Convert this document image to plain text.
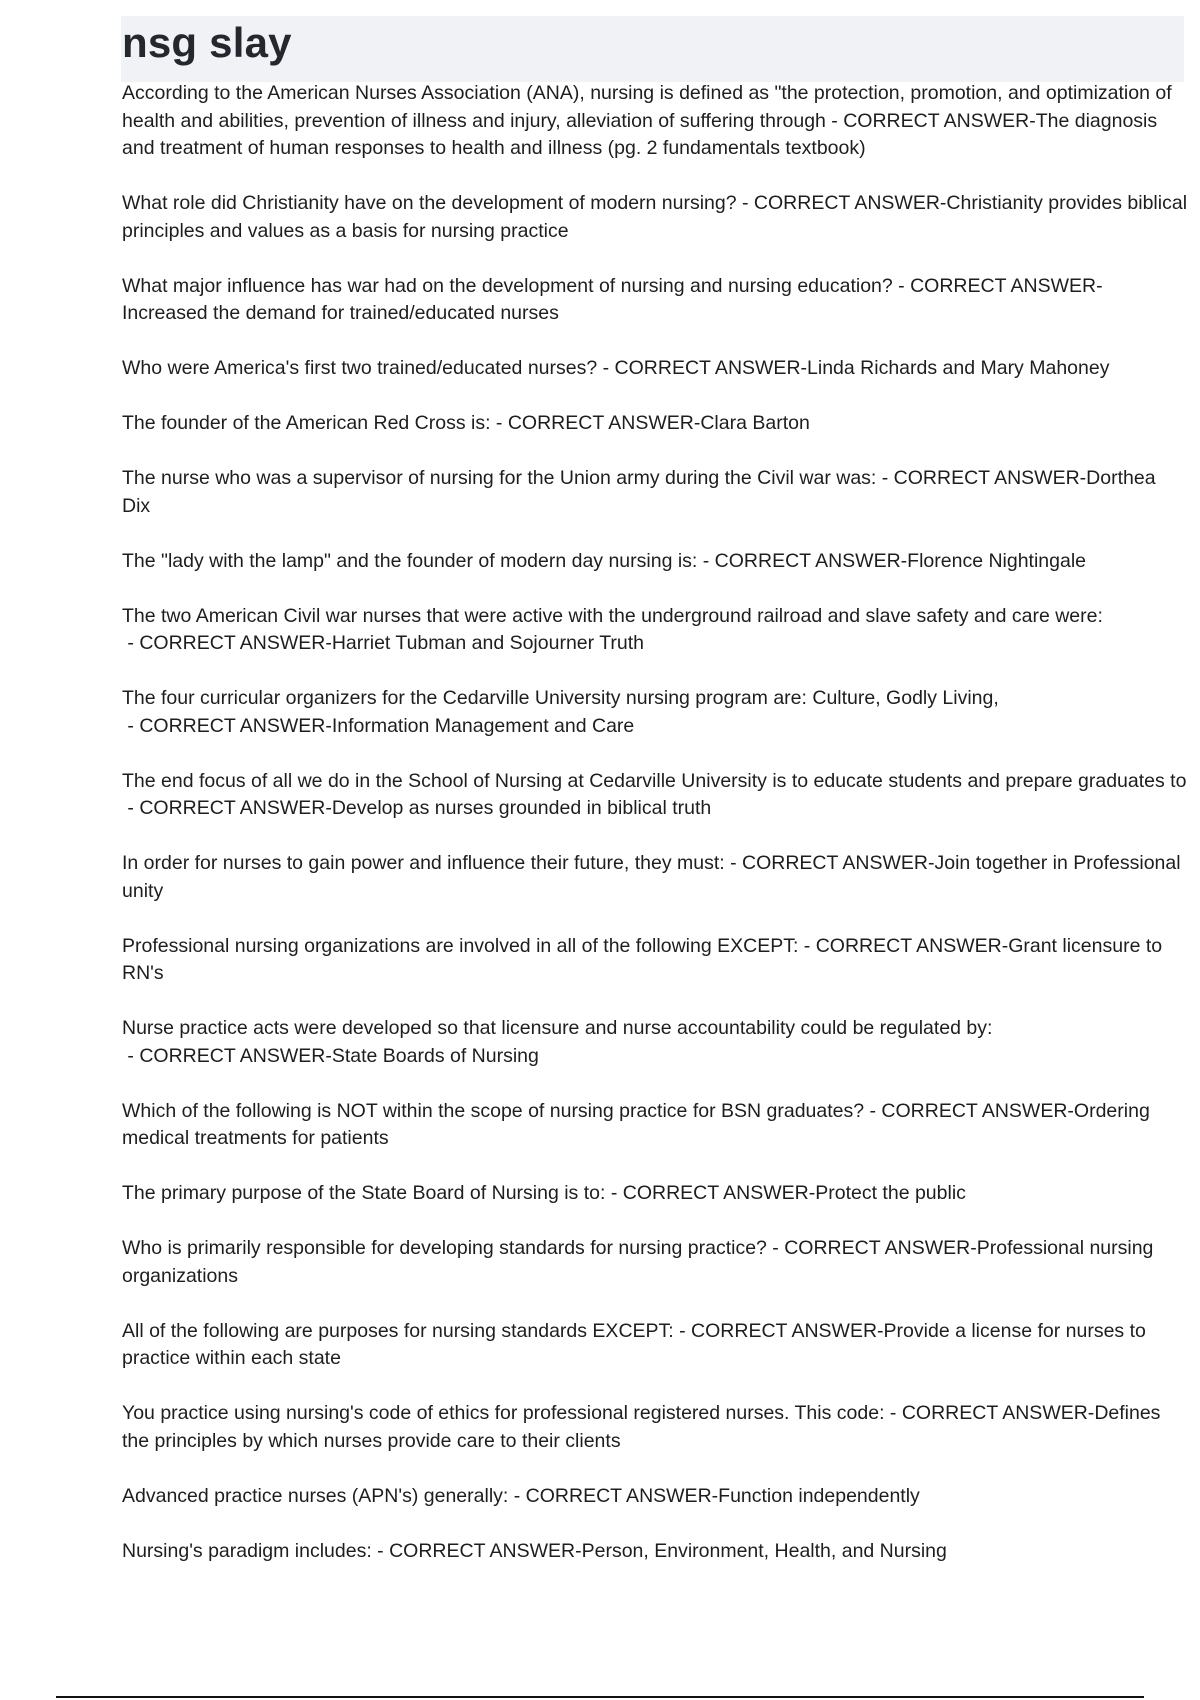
nsg slay
According to the American Nurses Association (ANA), nursing is defined as "the protection, promotion, and optimization of health and abilities, prevention of illness and injury, alleviation of suffering through - CORRECT ANSWER-The diagnosis and treatment of human responses to health and illness (pg. 2 fundamentals textbook)
What role did Christianity have on the development of modern nursing? - CORRECT ANSWER-Christianity provides biblical principles and values as a basis for nursing practice
What major influence has war had on the development of nursing and nursing education? - CORRECT ANSWER-Increased the demand for trained/educated nurses
Who were America's first two trained/educated nurses? - CORRECT ANSWER-Linda Richards and Mary Mahoney
The founder of the American Red Cross is: - CORRECT ANSWER-Clara Barton
The nurse who was a supervisor of nursing for the Union army during the Civil war was: - CORRECT ANSWER-Dorthea Dix
The "lady with the lamp" and the founder of modern day nursing is: - CORRECT ANSWER-Florence Nightingale
The two American Civil war nurses that were active with the underground railroad and slave safety and care were: - CORRECT ANSWER-Harriet Tubman and Sojourner Truth
The four curricular organizers for the Cedarville University nursing program are: Culture, Godly Living, - CORRECT ANSWER-Information Management and Care
The end focus of all we do in the School of Nursing at Cedarville University is to educate students and prepare graduates to - CORRECT ANSWER-Develop as nurses grounded in biblical truth
In order for nurses to gain power and influence their future, they must: - CORRECT ANSWER-Join together in Professional unity
Professional nursing organizations are involved in all of the following EXCEPT: - CORRECT ANSWER-Grant licensure to RN's
Nurse practice acts were developed so that licensure and nurse accountability could be regulated by: - CORRECT ANSWER-State Boards of Nursing
Which of the following is NOT within the scope of nursing practice for BSN graduates? - CORRECT ANSWER-Ordering medical treatments for patients
The primary purpose of the State Board of Nursing is to: - CORRECT ANSWER-Protect the public
Who is primarily responsible for developing standards for nursing practice? - CORRECT ANSWER-Professional nursing organizations
All of the following are purposes for nursing standards EXCEPT: - CORRECT ANSWER-Provide a license for nurses to practice within each state
You practice using nursing's code of ethics for professional registered nurses. This code: - CORRECT ANSWER-Defines the principles by which nurses provide care to their clients
Advanced practice nurses (APN's) generally: - CORRECT ANSWER-Function independently
Nursing's paradigm includes: - CORRECT ANSWER-Person, Environment, Health, and Nursing
